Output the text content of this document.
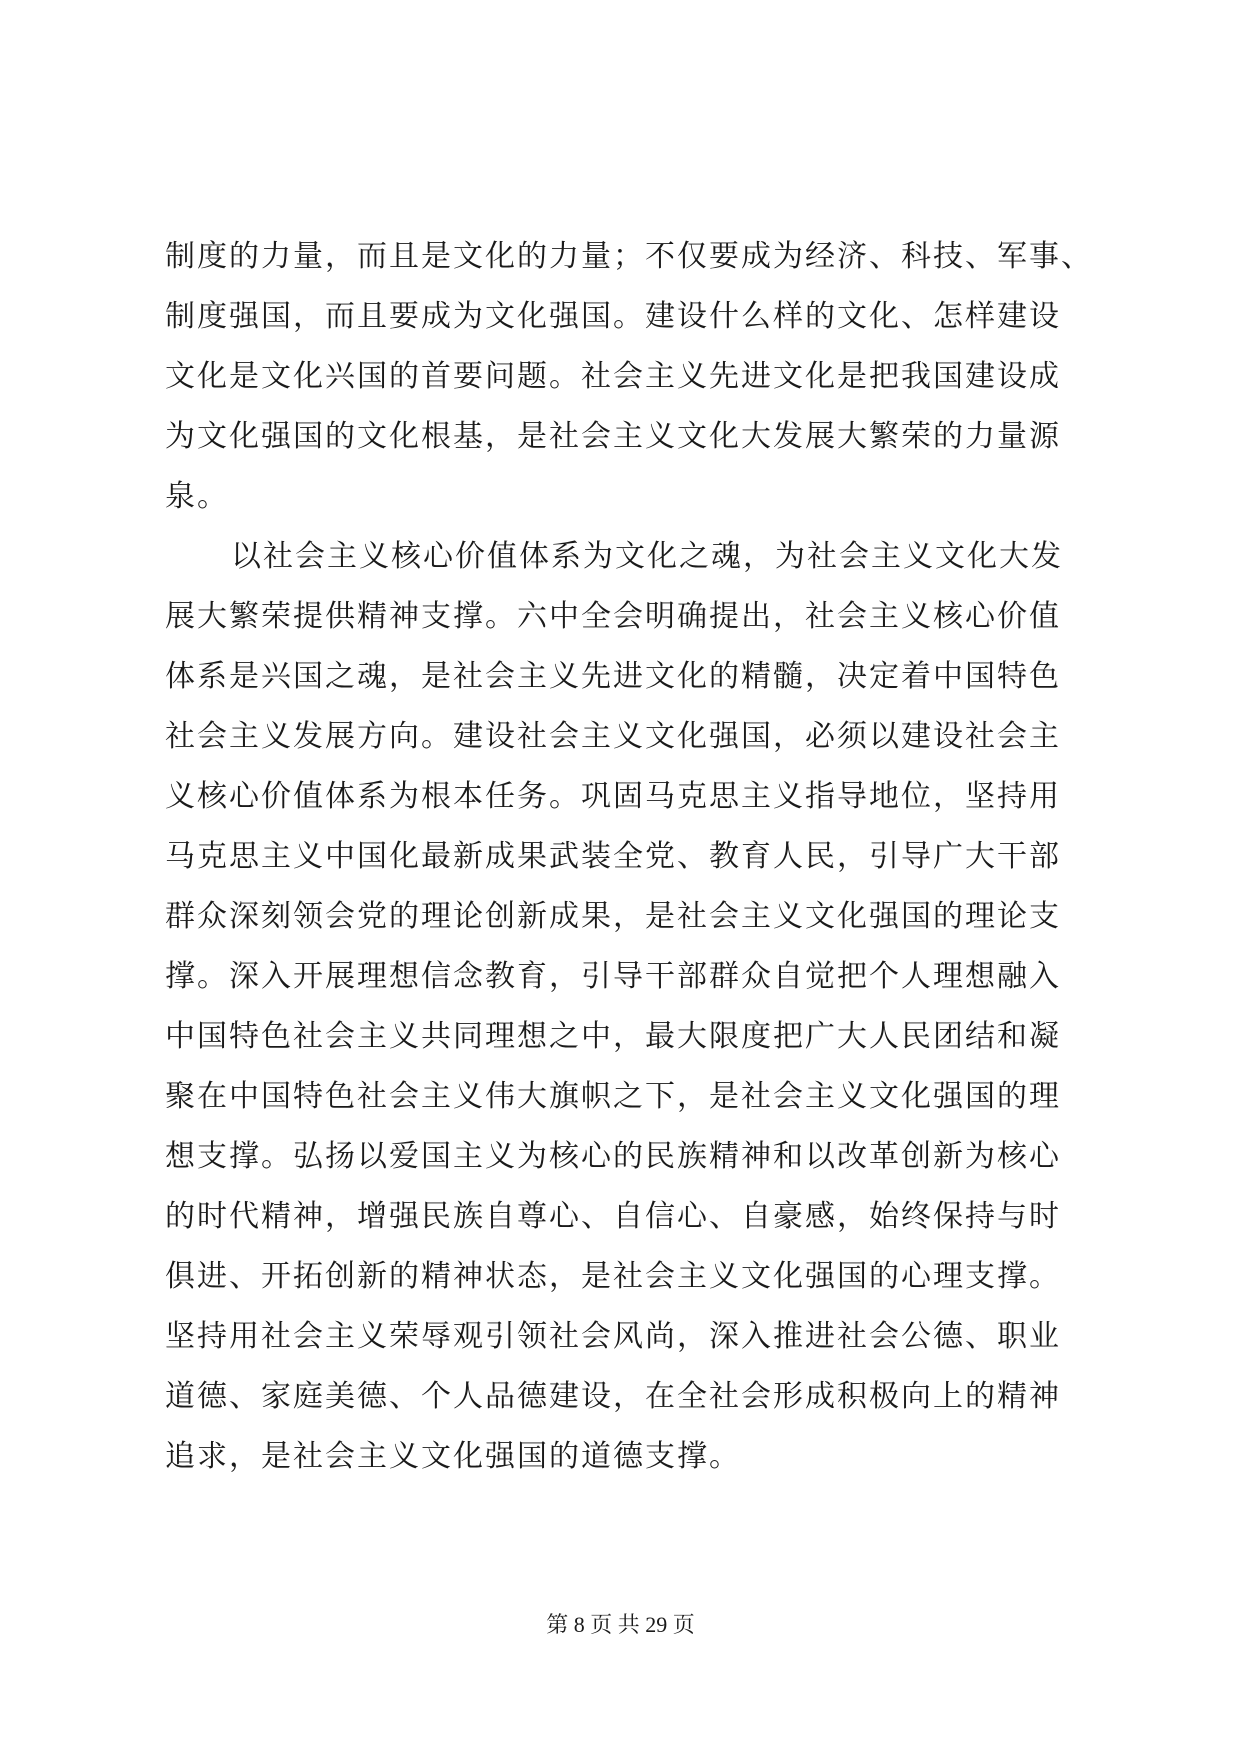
制度的力量，而且是文化的力量；不仅要成为经济、科技、军事、
制度强国，而且要成为文化强国。建设什么样的文化、怎样建设
文化是文化兴国的首要问题。社会主义先进文化是把我国建设成
为文化强国的文化根基，是社会主义文化大发展大繁荣的力量源
泉。
以社会主义核心价值体系为文化之魂，为社会主义文化大发
展大繁荣提供精神支撑。六中全会明确提出，社会主义核心价值
体系是兴国之魂，是社会主义先进文化的精髓，决定着中国特色
社会主义发展方向。建设社会主义文化强国，必须以建设社会主
义核心价值体系为根本任务。巩固马克思主义指导地位，坚持用
马克思主义中国化最新成果武装全党、教育人民，引导广大干部
群众深刻领会党的理论创新成果，是社会主义文化强国的理论支
撑。深入开展理想信念教育，引导干部群众自觉把个人理想融入
中国特色社会主义共同理想之中，最大限度把广大人民团结和凝
聚在中国特色社会主义伟大旗帜之下，是社会主义文化强国的理
想支撑。弘扬以爱国主义为核心的民族精神和以改革创新为核心
的时代精神，增强民族自尊心、自信心、自豪感，始终保持与时
俱进、开拓创新的精神状态，是社会主义文化强国的心理支撑。
坚持用社会主义荣辱观引领社会风尚，深入推进社会公德、职业
道德、家庭美德、个人品德建设，在全社会形成积极向上的精神
追求，是社会主义文化强国的道德支撑。
第 8 页 共 29 页
